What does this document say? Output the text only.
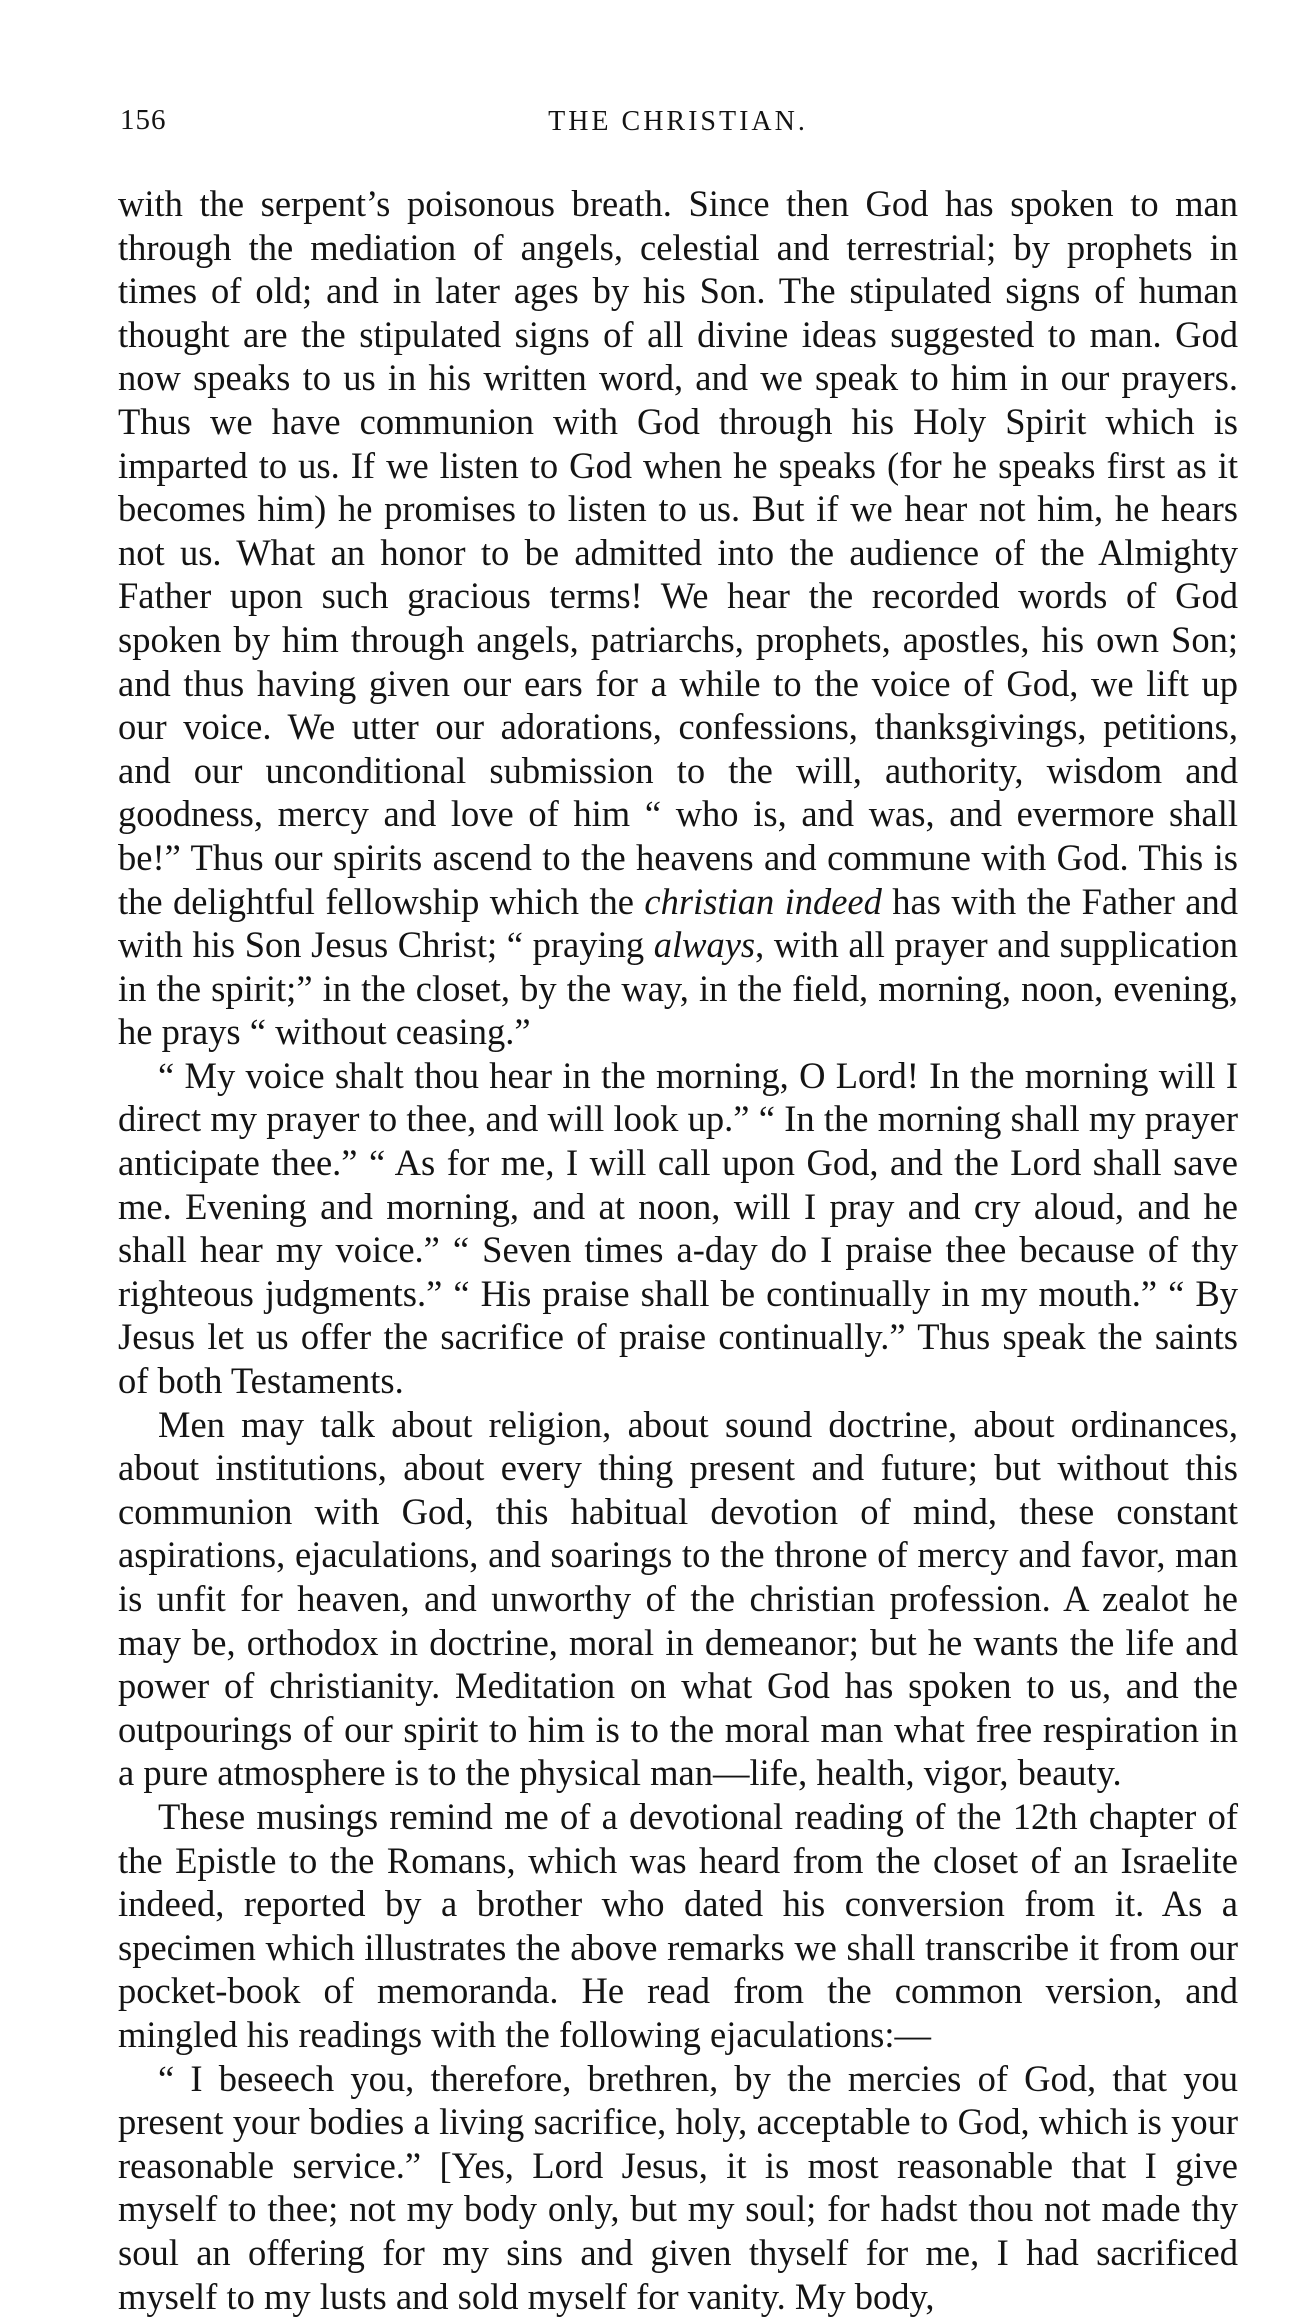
156	THE CHRISTIAN.

with the serpent’s poisonous breath. Since then God has spoken to man through the mediation of angels, celestial and terrestrial; by prophets in times of old; and in later ages by his Son. The stipulated signs of human thought are the stipulated signs of all divine ideas suggested to man. God now speaks to us in his written word, and we speak to him in our prayers. Thus we have communion with God through his Holy Spirit which is imparted to us. If we listen to God when he speaks (for he speaks first as it becomes him) he promises to listen to us. But if we hear not him, he hears not us. What an honor to be admitted into the audience of the Almighty Father upon such gracious terms! We hear the recorded words of God spoken by him through angels, patriarchs, prophets, apostles, his own Son; and thus having given our ears for a while to the voice of God, we lift up our voice. We utter our adorations, confessions, thanksgivings, petitions, and our unconditional submission to the will, authority, wisdom and goodness, mercy and love of him “ who is, and was, and evermore shall be!” Thus our spirits ascend to the heavens and commune with God. This is the delightful fellowship which the christian indeed has with the Father and with his Son Jesus Christ; “ praying always, with all prayer and supplication in the spirit;” in the closet, by the way, in the field, morning, noon, evening, he prays “ without ceasing.”

“ My voice shalt thou hear in the morning, O Lord! In the morning will I direct my prayer to thee, and will look up.” “ In the morning shall my prayer anticipate thee.” “ As for me, I will call upon God, and the Lord shall save me. Evening and morning, and at noon, will I pray and cry aloud, and he shall hear my voice.” “ Seven times a-day do I praise thee because of thy righteous judgments.” “ His praise shall be continually in my mouth.” “ By Jesus let us offer the sacrifice of praise continually.” Thus speak the saints of both Testaments.

Men may talk about religion, about sound doctrine, about ordinances, about institutions, about every thing present and future; but without this communion with God, this habitual devotion of mind, these constant aspirations, ejaculations, and soarings to the throne of mercy and favor, man is unfit for heaven, and unworthy of the christian profession. A zealot he may be, orthodox in doctrine, moral in demeanor; but he wants the life and power of christianity. Meditation on what God has spoken to us, and the outpourings of our spirit to him is to the moral man what free respiration in a pure atmosphere is to the physical man—life, health, vigor, beauty.

These musings remind me of a devotional reading of the 12th chapter of the Epistle to the Romans, which was heard from the closet of an Israelite indeed, reported by a brother who dated his conversion from it. As a specimen which illustrates the above remarks we shall transcribe it from our pocket-book of memoranda. He read from the common version, and mingled his readings with the following ejaculations:—

“ I beseech you, therefore, brethren, by the mercies of God, that you present your bodies a living sacrifice, holy, acceptable to God, which is your reasonable service.” [Yes, Lord Jesus, it is most reasonable that I give myself to thee; not my body only, but my soul; for hadst thou not made thy soul an offering for my sins and given thyself for me, I had sacrificed myself to my lusts and sold myself for vanity. My body,
